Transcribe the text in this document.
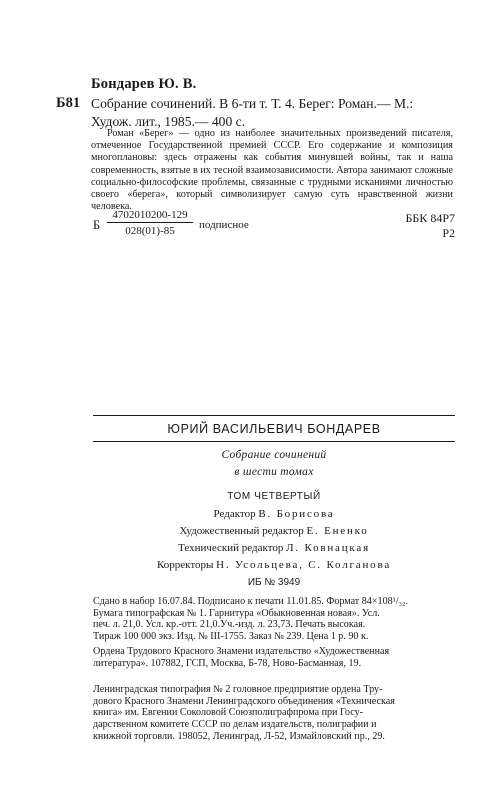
Бондарев Ю. В.
Б81 Собрание сочинений. В 6-ти т. Т. 4. Берег: Роман.— М.: Худож. лит., 1985.— 400 с.
Роман «Берег» — одно из наиболее значительных произведений писателя, отмеченное Государственной премией СССР. Его содержание и композиция многоплановы: здесь отражены как события минувшей войны, так и наша современность, взятые в их тесной взаимозависимости. Автора занимают сложные социально-философские проблемы, связанные с трудными исканиями личностью своего «берега», который символизирует самую суть нравственной жизни человека.
Б $\frac{4702010200-129}{028(01)-85}$ подписное	ББК 84Р7
Р2
ЮРИЙ ВАСИЛЬЕВИЧ БОНДАРЕВ
Собрание сочинений
в шести томах
ТОМ ЧЕТВЕРТЫЙ
Редактор В. Борисова
Художественный редактор Е. Ененко
Технический редактор Л. Ковнацкая
Корректоры Н. Усольцева, С. Колганова
ИБ № 3949

Сдано в набор 16.07.84. Подписано к печати 11.01.85. Формат 84×108¹/₃₂.

Бумага типографская № 1. Гарнитура «Обыкновенная новая». Усл.

печ. л. 21,0. Усл. кр.-отт. 21,0.Уч.-изд. л. 23,73. Печать высокая.

Тираж 100 000 экз. Изд. № III-1755. Заказ № 239. Цена 1 р. 90 к.

Ордена Трудового Красного Знамени издательство «Художественная

литература». 107882, ГСП, Москва, Б-78, Ново-Басманная, 19.

Ленинградская типография № 2 головное предприятие ордена Тру-

дового Красного Знамени Ленинградского объединения «Техническая

книга» им. Евгении Соколовой Союзполиграфпрома при Госу-

дарственном комитете СССР по делам издательств, полиграфии и

книжной торговли. 198052, Ленинград, Л-52, Измайловский пр., 29.
